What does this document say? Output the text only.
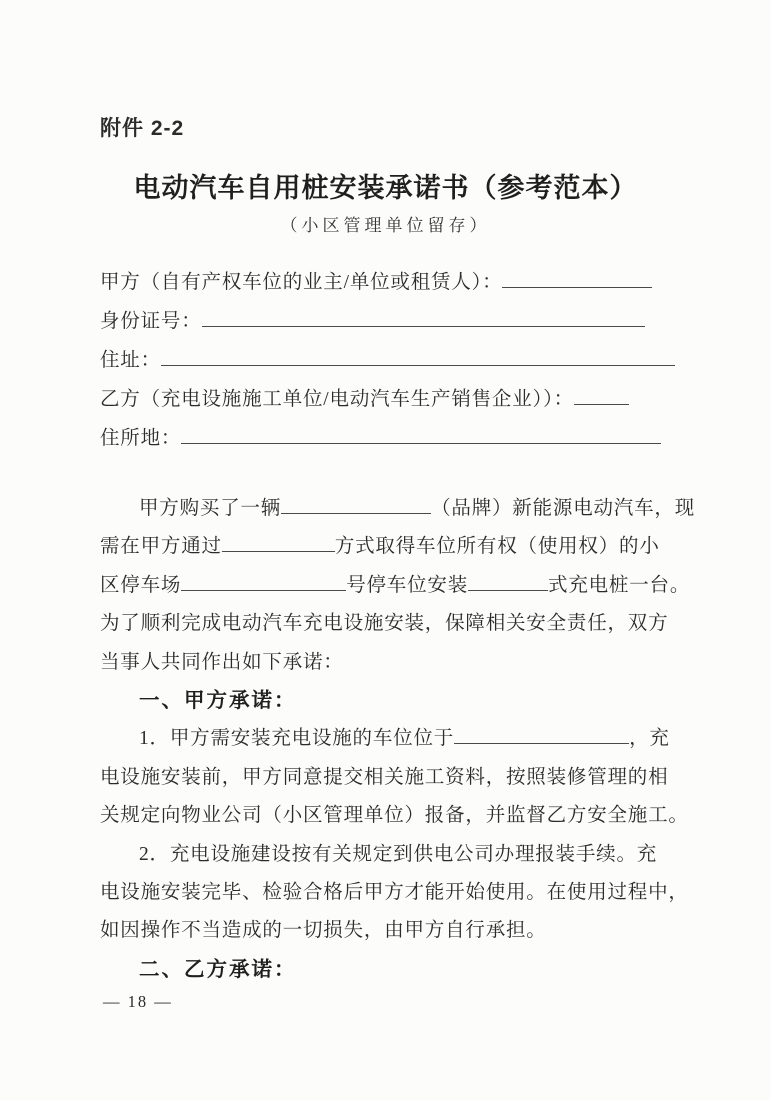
附件 2-2
电动汽车自用桩安装承诺书（参考范本）
（小区管理单位留存）
甲方（自有产权车位的业主/单位或租赁人）：
身份证号：
住址：
乙方（充电设施施工单位/电动汽车生产销售企业））：
住所地：
甲方购买了一辆	（品牌）新能源电动汽车，现
需在甲方通过	方式取得车位所有权（使用权）的小
区停车场	号停车位安装	式充电桩一台。
为了顺利完成电动汽车充电设施安装，保障相关安全责任，双方
当事人共同作出如下承诺：
一、甲方承诺：
1．甲方需安装充电设施的车位位于	，充
电设施安装前，甲方同意提交相关施工资料，按照装修管理的相
关规定向物业公司（小区管理单位）报备，并监督乙方安全施工。
2．充电设施建设按有关规定到供电公司办理报装手续。充
电设施安装完毕、检验合格后甲方才能开始使用。在使用过程中，
如因操作不当造成的一切损失，由甲方自行承担。
二、乙方承诺：
— 18 —
